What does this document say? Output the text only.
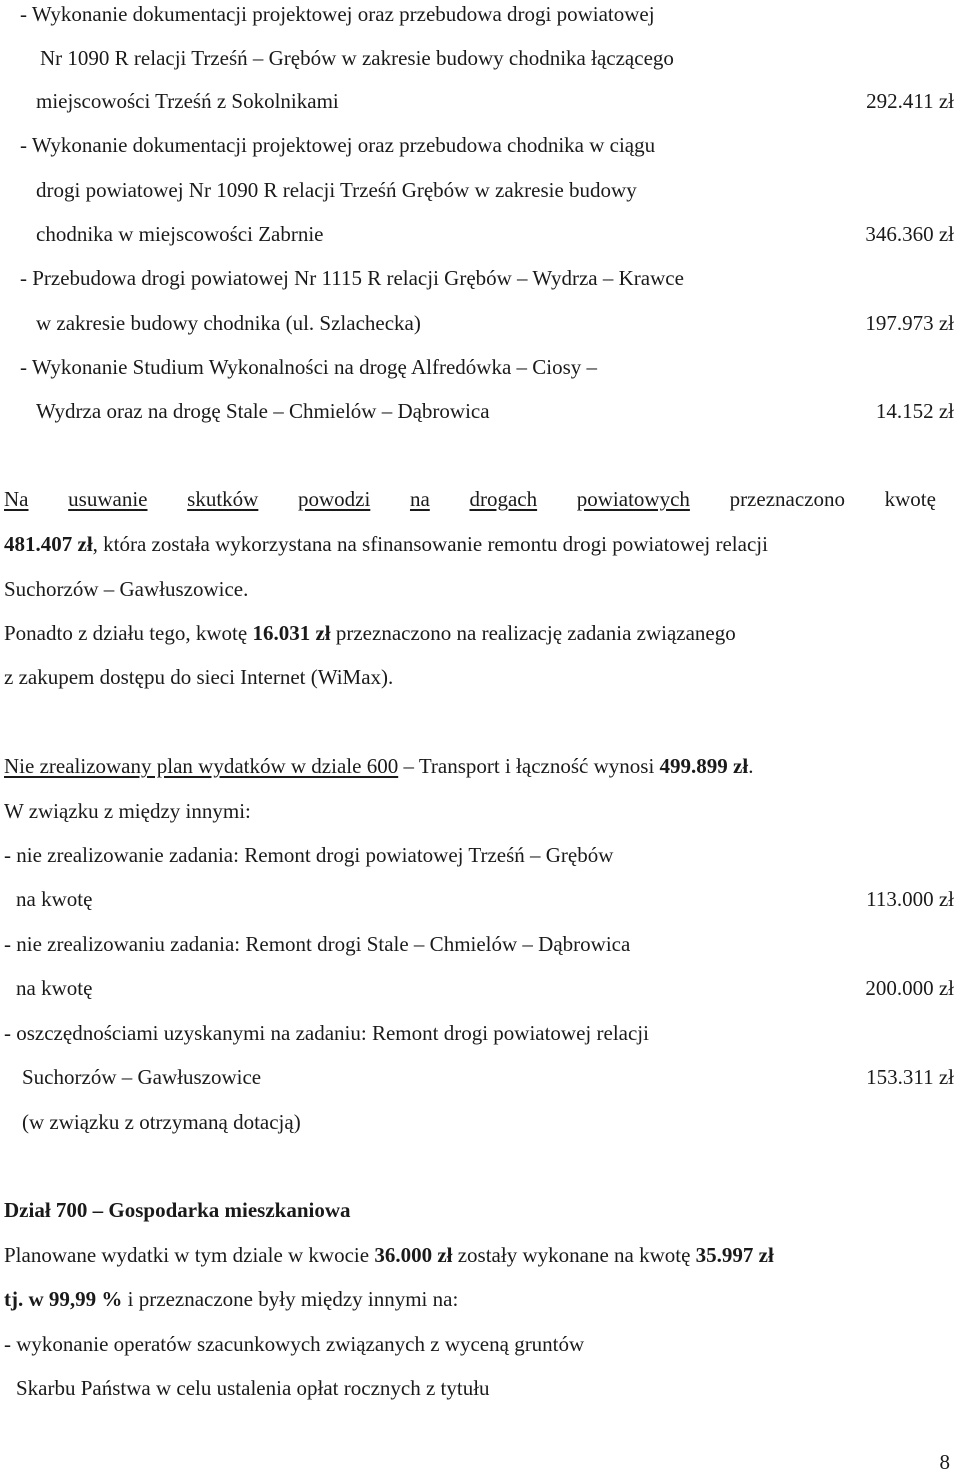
- Wykonanie dokumentacji projektowej oraz przebudowa drogi powiatowej
Nr 1090 R relacji Trześń – Grębów w zakresie budowy chodnika łączącego
miejscowości Trześń z Sokolnikami	292.411 zł
- Wykonanie dokumentacji projektowej oraz przebudowa chodnika w ciągu
drogi powiatowej Nr 1090 R relacji Trześń Grębów w zakresie budowy
chodnika w miejscowości Zabrnie	346.360 zł
- Przebudowa drogi powiatowej Nr 1115 R relacji Grębów – Wydrza – Krawce
w zakresie budowy chodnika (ul. Szlachecka)	197.973 zł
- Wykonanie Studium Wykonalności na drogę Alfredówka – Ciosy –
Wydrza oraz na drogę Stale – Chmielów – Dąbrowica	14.152 zł
Na usuwanie skutków powodzi na drogach powiatowych przeznaczono kwotę
481.407 zł, która została wykorzystana na sfinansowanie remontu drogi powiatowej relacji
Suchorzów – Gawłuszowice.
Ponadto z działu tego, kwotę 16.031 zł przeznaczono na realizację zadania związanego
z zakupem dostępu do sieci Internet (WiMax).
Nie zrealizowany plan wydatków w dziale 600 – Transport i łączność wynosi 499.899 zł.
W związku z między innymi:
- nie zrealizowanie zadania: Remont drogi powiatowej Trześń – Grębów
na kwotę	113.000 zł
- nie zrealizowaniu zadania: Remont drogi Stale – Chmielów – Dąbrowica
na kwotę	200.000 zł
- oszczędnościami uzyskanymi na zadaniu: Remont drogi powiatowej relacji
Suchorzów – Gawłuszowice	153.311 zł
(w związku z otrzymaną dotacją)
Dział 700 – Gospodarka mieszkaniowa
Planowane wydatki w tym dziale w kwocie 36.000 zł zostały wykonane na kwotę 35.997 zł
tj. w 99,99 % i przeznaczone były między innymi na:
- wykonanie operatów szacunkowych związanych z wyceną gruntów
Skarbu Państwa w celu ustalenia opłat rocznych z tytułu
8
